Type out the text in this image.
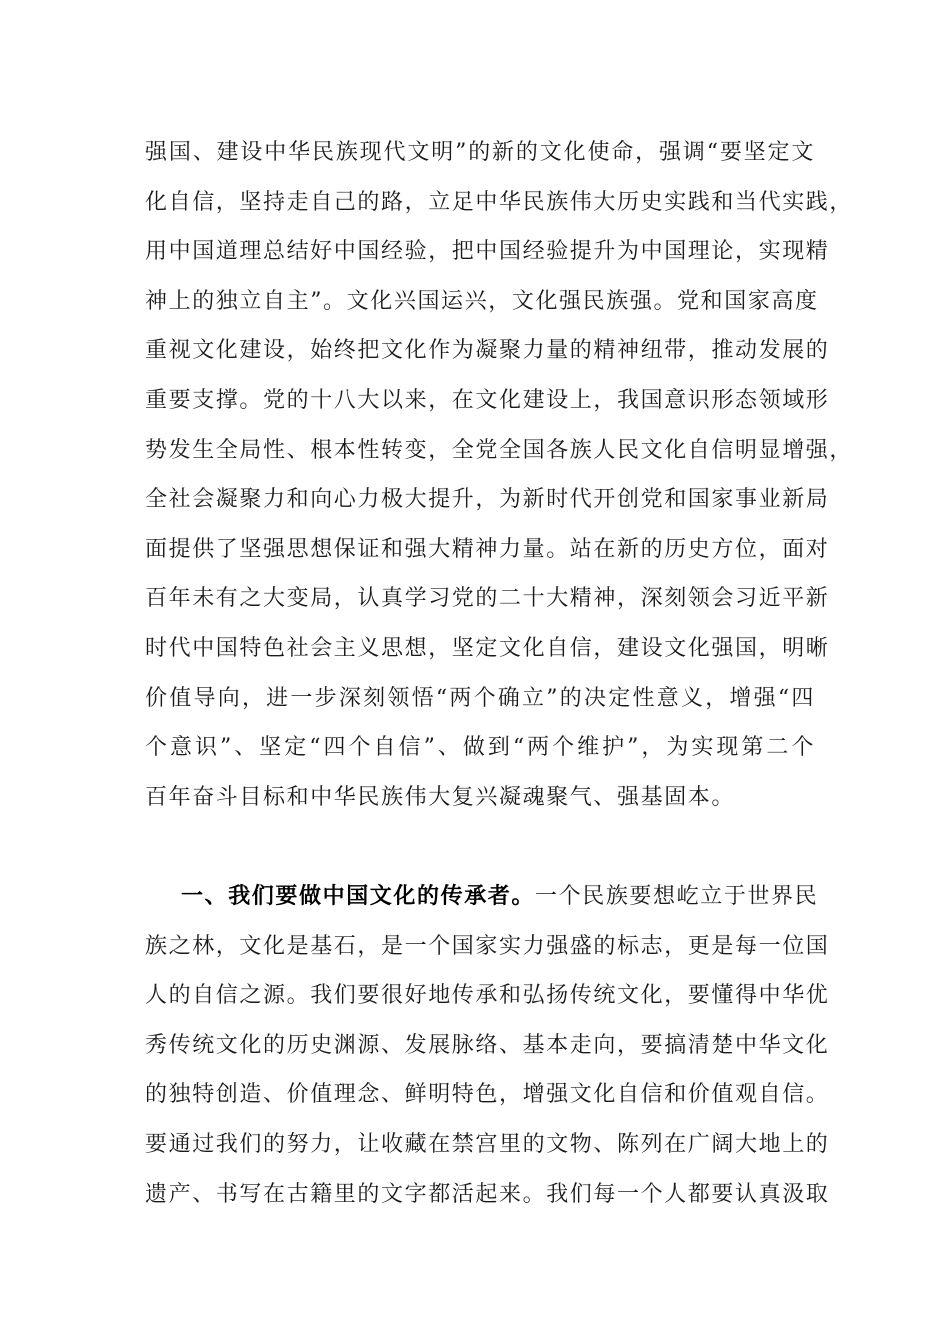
强国、建设中华民族现代文明”的新的文化使命，强调“要坚定文
化自信，坚持走自己的路，立足中华民族伟大历史实践和当代实践，
用中国道理总结好中国经验，把中国经验提升为中国理论，实现精
神上的独立自主”。文化兴国运兴，文化强民族强。党和国家高度
重视文化建设，始终把文化作为凝聚力量的精神纽带，推动发展的
重要支撑。党的十八大以来，在文化建设上，我国意识形态领域形
势发生全局性、根本性转变，全党全国各族人民文化自信明显增强，
全社会凝聚力和向心力极大提升，为新时代开创党和国家事业新局
面提供了坚强思想保证和强大精神力量。站在新的历史方位，面对
百年未有之大变局，认真学习党的二十大精神，深刻领会习近平新
时代中国特色社会主义思想，坚定文化自信，建设文化强国，明晰
价值导向，进一步深刻领悟“两个确立”的决定性意义，增强“四
个意识”、坚定“四个自信”、做到“两个维护”，为实现第二个
百年奋斗目标和中华民族伟大复兴凝魂聚气、强基固本。

一、我们要做中国文化的传承者。一个民族要想屹立于世界民
族之林，文化是基石，是一个国家实力强盛的标志，更是每一位国
人的自信之源。我们要很好地传承和弘扬传统文化，要懂得中华优
秀传统文化的历史渊源、发展脉络、基本走向，要搞清楚中华文化
的独特创造、价值理念、鲜明特色，增强文化自信和价值观自信。
要通过我们的努力，让收藏在禁宫里的文物、陈列在广阔大地上的
遗产、书写在古籍里的文字都活起来。我们每一个人都要认真汲取
